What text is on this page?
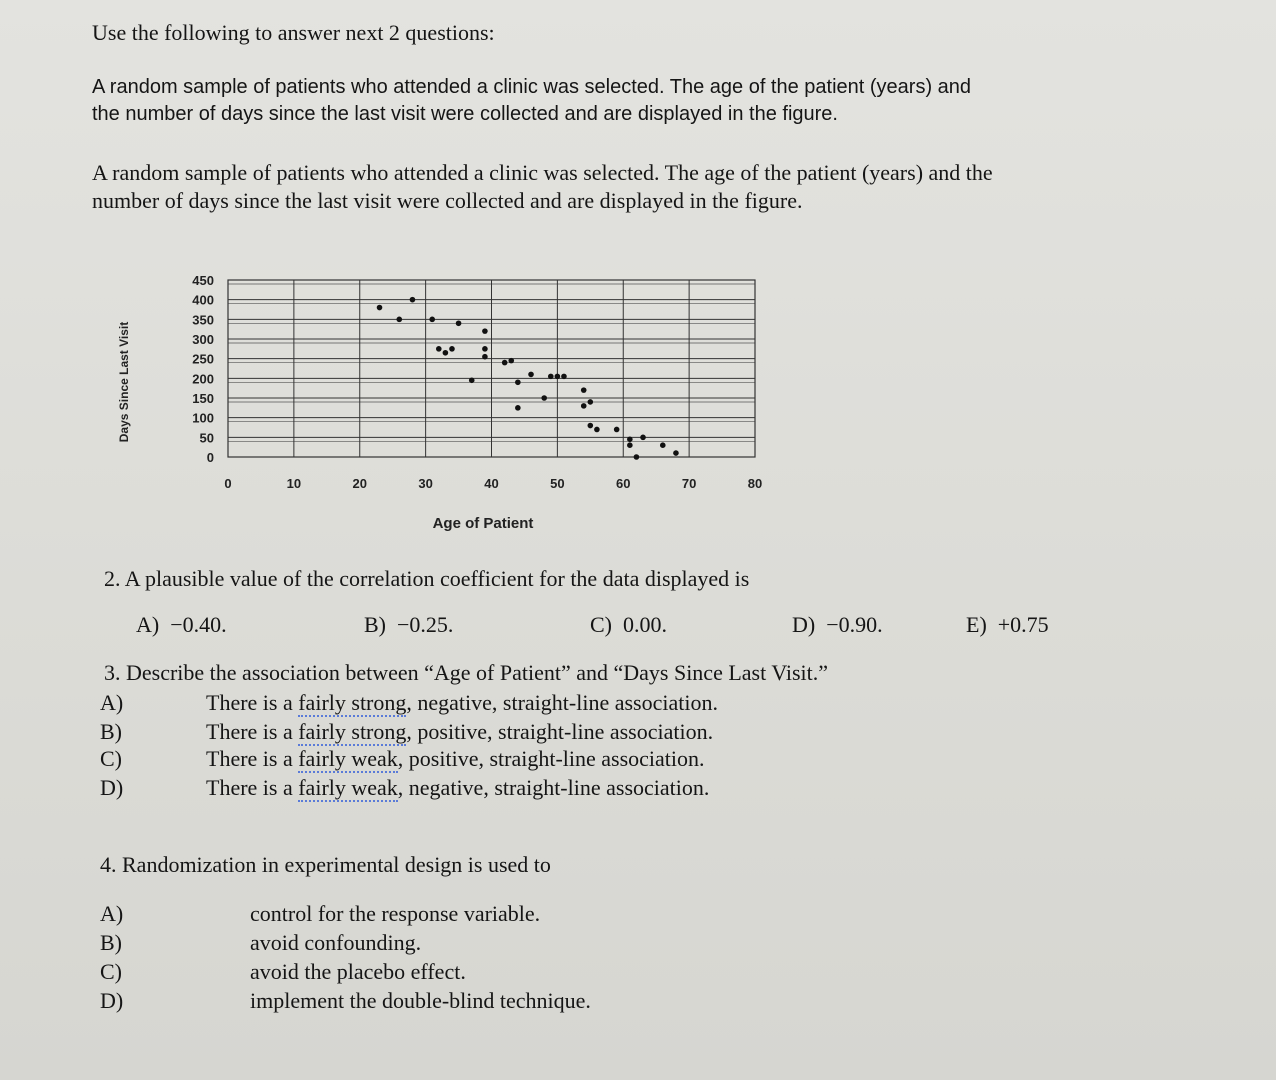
Use the following to answer next 2 questions:
A random sample of patients who attended a clinic was selected. The age of the patient (years) and
the number of days since the last visit were collected and are displayed in the figure.
A random sample of patients who attended a clinic was selected. The age of the patient (years) and the
number of days since the last visit were collected and are displayed in the figure.
0
50
100
150
200
250
300
350
400
450
0	10	20	30	40	50	60	70	80
Age of Patient
Days Since Last Visit
2. A plausible value of the correlation coefficient for the data displayed is
A) −0.40.	B) −0.25.	C) 0.00.	D) −0.90.	E) +0.75
3. Describe the association between “Age of Patient” and “Days Since Last Visit.”
A)	There is a fairly strong, negative, straight-line association.
B)	There is a fairly strong, positive, straight-line association.
C)	There is a fairly weak, positive, straight-line association.
D)	There is a fairly weak, negative, straight-line association.
4. Randomization in experimental design is used to
A)	control for the response variable.
B)	avoid confounding.
C)	avoid the placebo effect.
D)	implement the double-blind technique.
